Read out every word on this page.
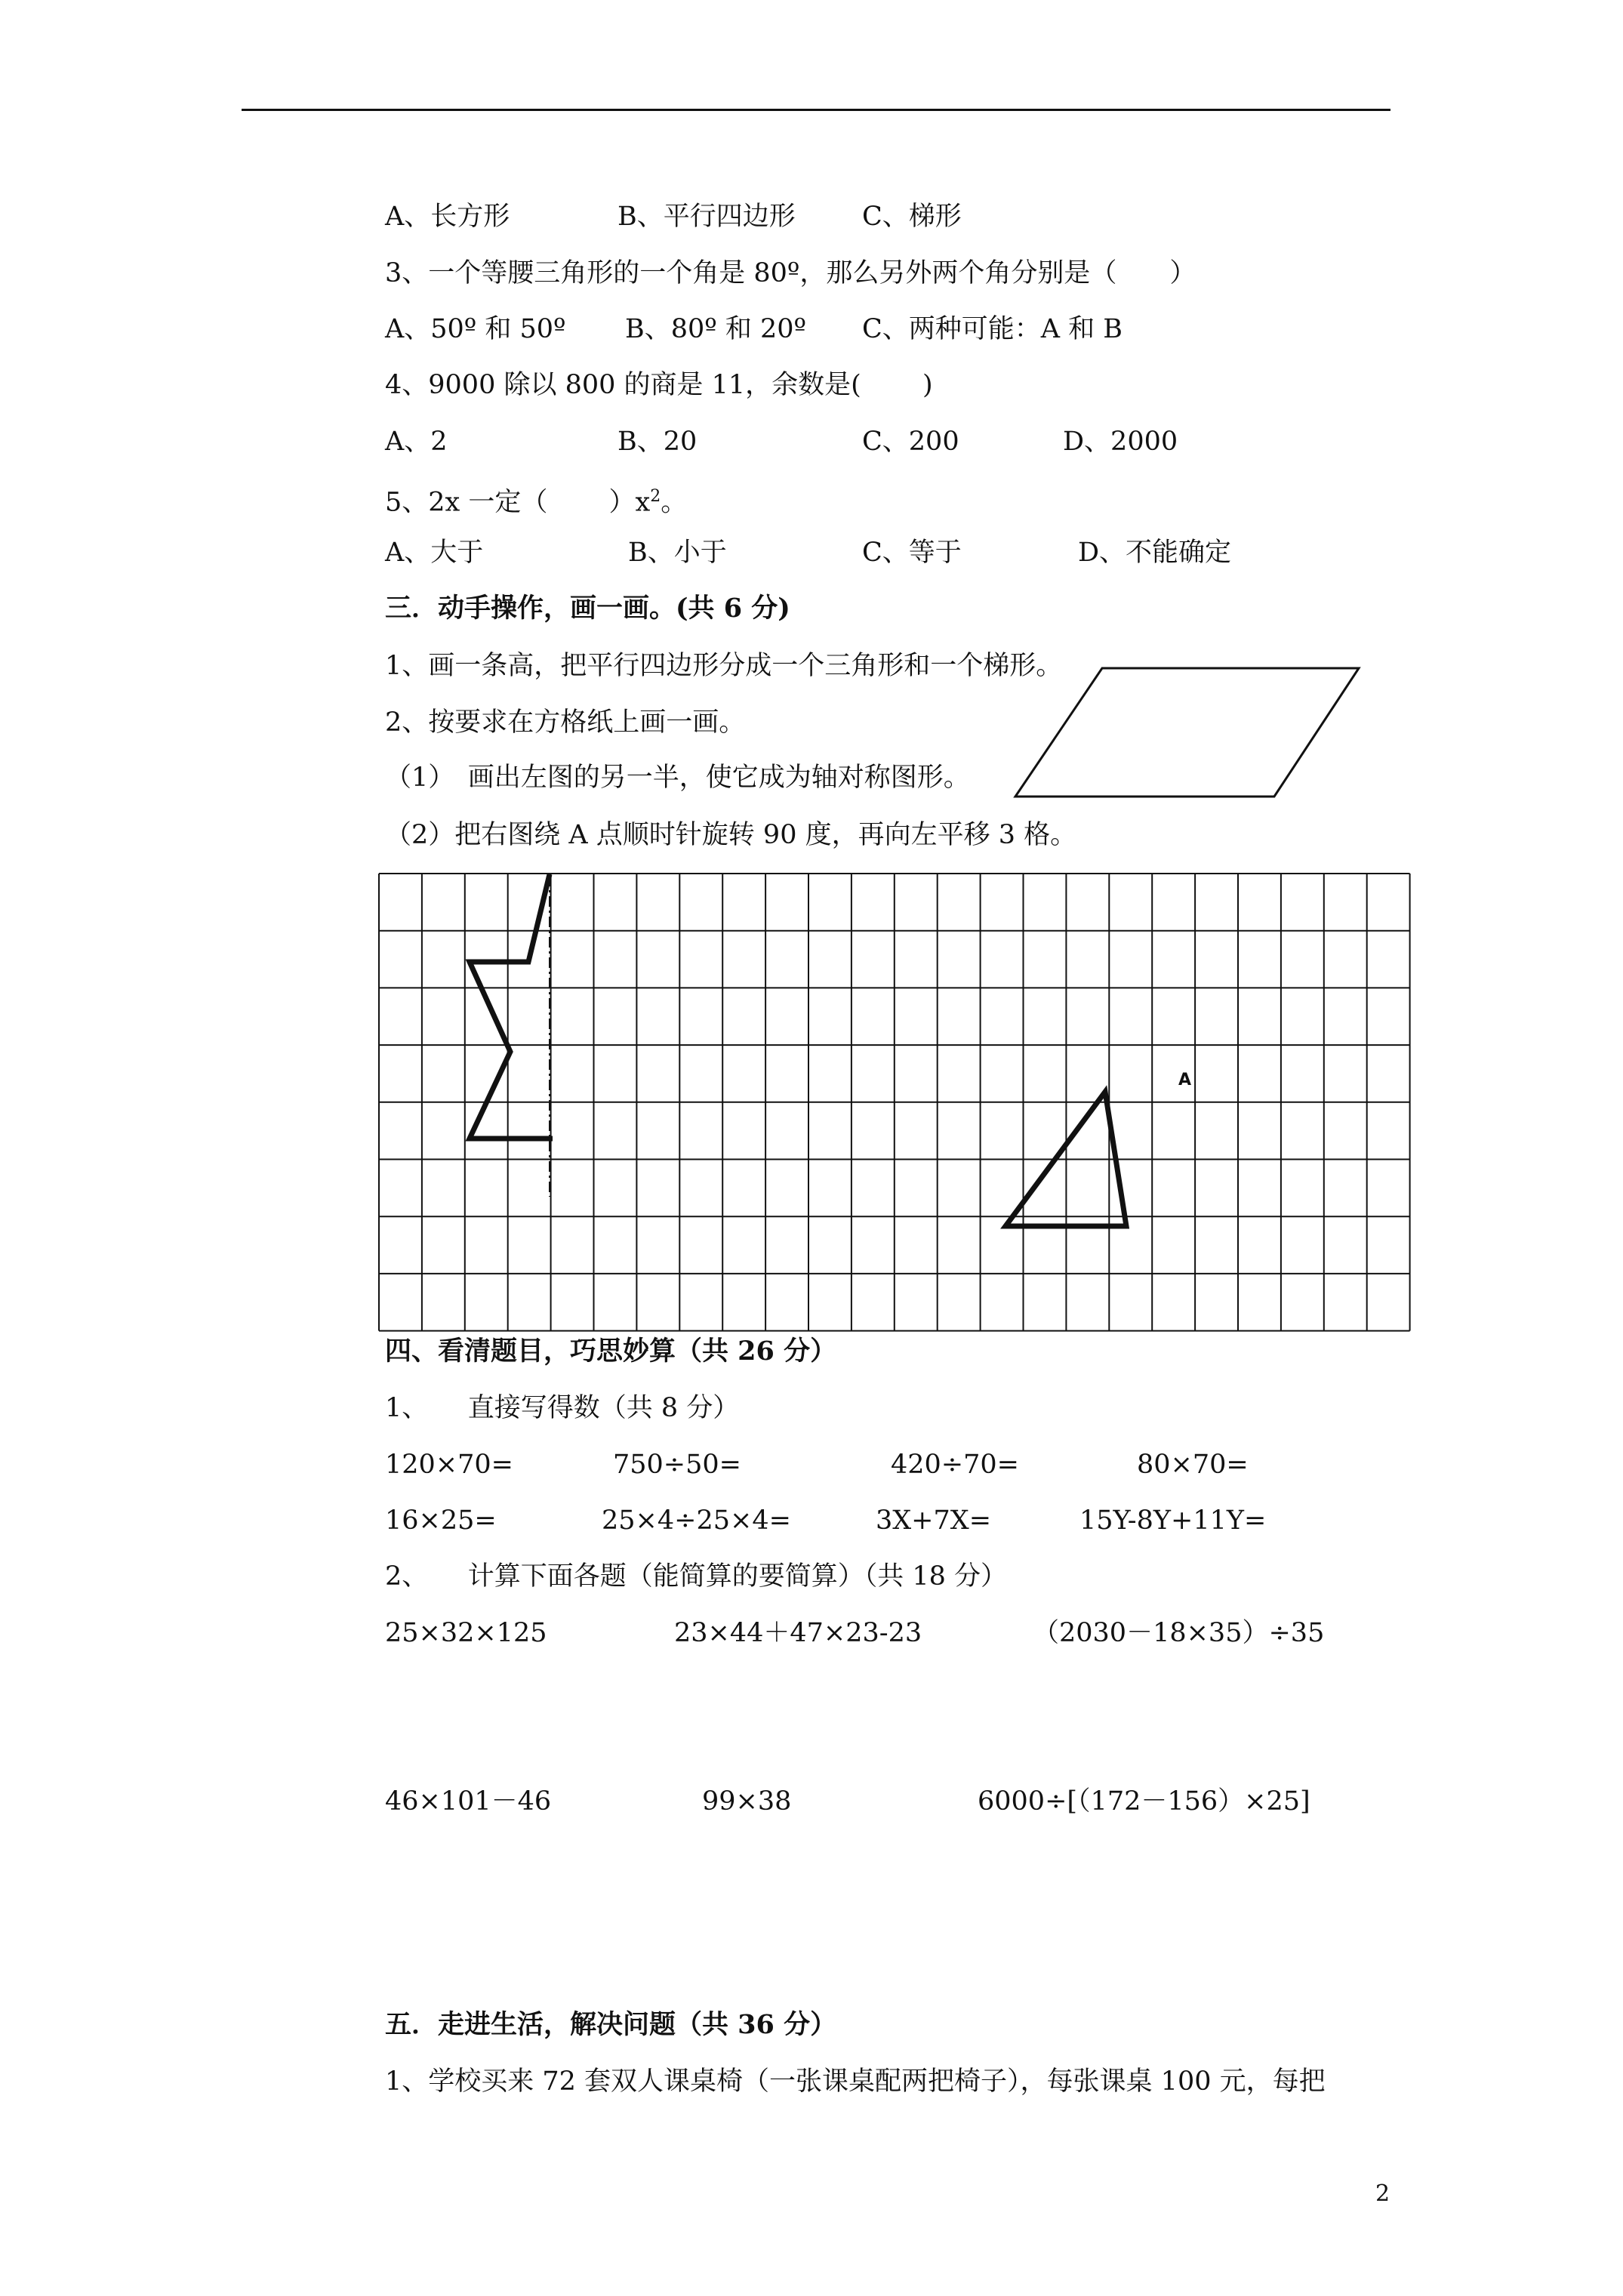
A、长方形	B、平行四边形	C、梯形
3、一个等腰三角形的一个角是 80º，那么另外两个角分别是（　　）
A、50º 和 50º B、80º 和 20º C、两种可能：A 和 B
4、9000 除以 800 的商是 11，余数是(　　 )
A、2	B、20	C、200	D、2000
5、2x 一定（　　 ）$x^2$。
A、大于	B、小于	C、等于	D、不能确定
三．动手操作，画一画。(共 6 分)
1、画一条高，把平行四边形分成一个三角形和一个梯形。
2、按要求在方格纸上画一画。
（1）　画出左图的另一半，使它成为轴对称图形。
（2）把右图绕 A 点顺时针旋转 90 度，再向左平移 3 格。
A
四、看清题目，巧思妙算（共 26 分）
1、　　直接写得数（共 8 分）
120×70=	750÷50=	420÷70=	80×70=
16×25=	25×4÷25×4=	3X+7X=	15Y-8Y+11Y=
2、　　计算下面各题（能简算的要简算）（共 18 分）
25×32×125	23×44＋47×23-23	（2030－18×35）÷35
46×101－46	99×38	6000÷[（172－156）×25]
五．走进生活，解决问题（共 36 分）
1、学校买来 72 套双人课桌椅（一张课桌配两把椅子），每张课桌 100 元，每把
2
